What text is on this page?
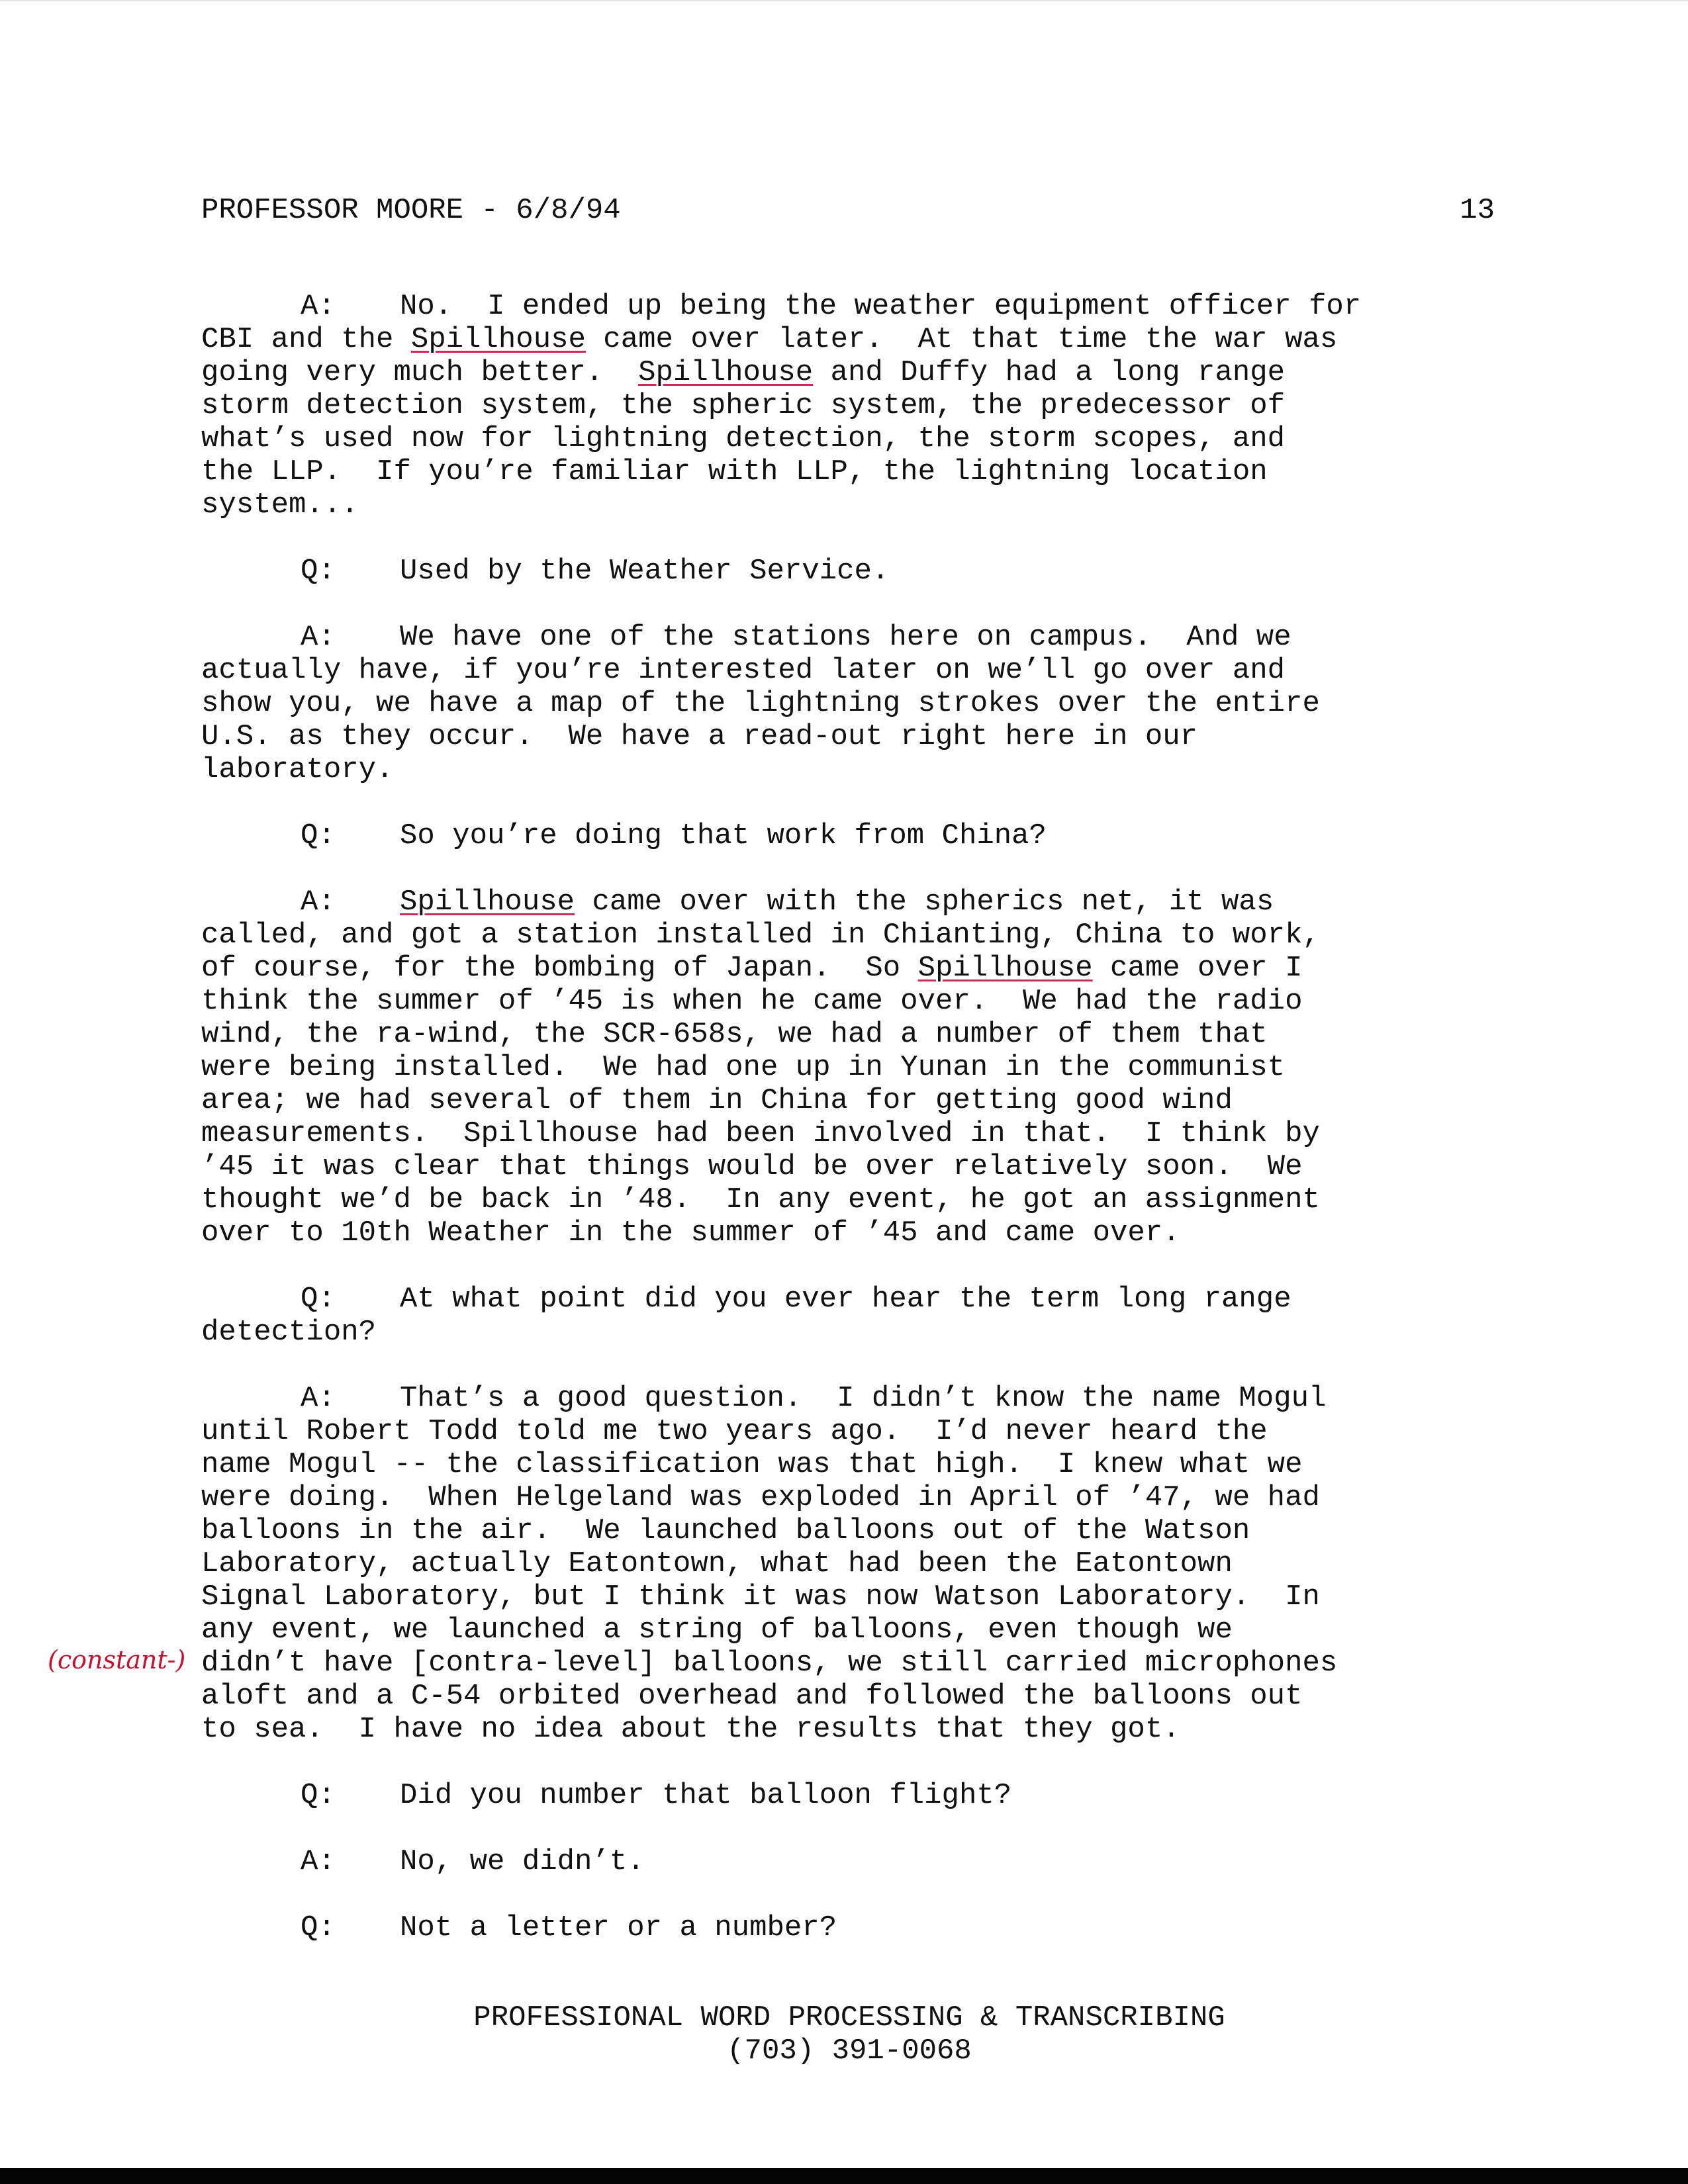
PROFESSOR MOORE - 6/8/94	13
A: No.  I ended up being the weather equipment officer for
CBI and the Spillhouse came over later.  At that time the war was
going very much better.  Spillhouse and Duffy had a long range
storm detection system, the spheric system, the predecessor of
what’s used now for lightning detection, the storm scopes, and
the LLP.  If you’re familiar with LLP, the lightning location
system...
Q: Used by the Weather Service.
A: We have one of the stations here on campus.  And we
actually have, if you’re interested later on we’ll go over and
show you, we have a map of the lightning strokes over the entire
U.S. as they occur.  We have a read-out right here in our
laboratory.
Q: So you’re doing that work from China?
A: Spillhouse came over with the spherics net, it was
called, and got a station installed in Chianting, China to work,
of course, for the bombing of Japan.  So Spillhouse came over I
think the summer of ’45 is when he came over.  We had the radio
wind, the ra-wind, the SCR-658s, we had a number of them that
were being installed.  We had one up in Yunan in the communist
area; we had several of them in China for getting good wind
measurements.  Spillhouse had been involved in that.  I think by
’45 it was clear that things would be over relatively soon.  We
thought we’d be back in ’48.  In any event, he got an assignment
over to 10th Weather in the summer of ’45 and came over.
Q: At what point did you ever hear the term long range
detection?
A: That’s a good question.  I didn’t know the name Mogul
until Robert Todd told me two years ago.  I’d never heard the
name Mogul -- the classification was that high.  I knew what we
were doing.  When Helgeland was exploded in April of ’47, we had
balloons in the air.  We launched balloons out of the Watson
Laboratory, actually Eatontown, what had been the Eatontown
Signal Laboratory, but I think it was now Watson Laboratory.  In
any event, we launched a string of balloons, even though we
didn’t have [contra-level] balloons, we still carried microphones
aloft and a C-54 orbited overhead and followed the balloons out
to sea.  I have no idea about the results that they got.
Q: Did you number that balloon flight?
A: No, we didn’t.
Q: Not a letter or a number?
(constant-)
PROFESSIONAL WORD PROCESSING & TRANSCRIBING
(703) 391-0068
